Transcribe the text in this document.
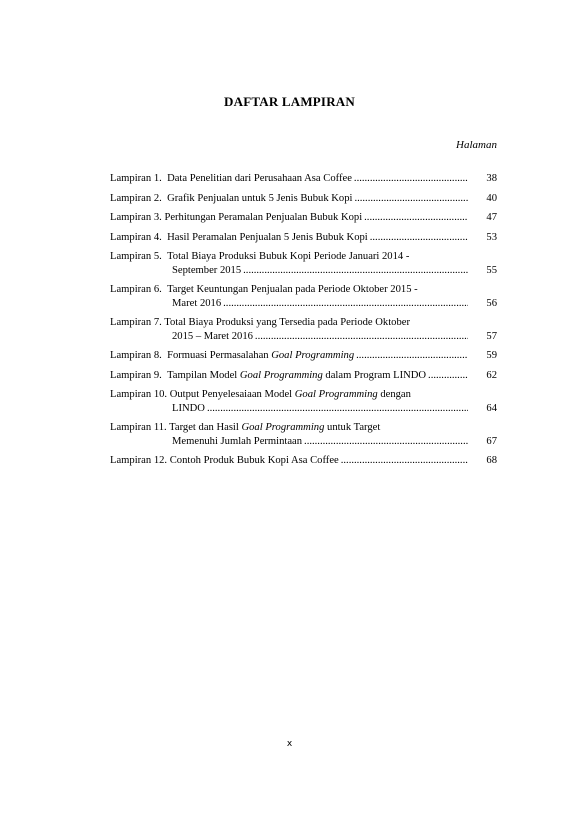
DAFTAR LAMPIRAN
Halaman
Lampiran 1. Data Penelitian dari Perusahaan Asa Coffee .....	38
Lampiran 2. Grafik Penjualan untuk 5 Jenis Bubuk Kopi .....	40
Lampiran 3. Perhitungan Peramalan Penjualan Bubuk Kopi .....	47
Lampiran 4. Hasil Peramalan Penjualan 5 Jenis Bubuk Kopi .....	53
Lampiran 5. Total Biaya Produksi Bubuk Kopi Periode Januari 2014 -
September 2015 .....	55
Lampiran 6. Target Keuntungan Penjualan pada Periode Oktober 2015 -
Maret 2016 .....	56
Lampiran 7. Total Biaya Produksi yang Tersedia pada Periode Oktober
2015 – Maret 2016 .....	57
Lampiran 8. Formuasi Permasalahan Goal Programming .....	59
Lampiran 9. Tampilan Model Goal Programming dalam Program LINDO .....	62
Lampiran 10. Output Penyelesaiaan Model Goal Programming dengan
LINDO .....	64
Lampiran 11. Target dan Hasil Goal Programming untuk Target
Memenuhi Jumlah Permintaan .....	67
Lampiran 12. Contoh Produk Bubuk Kopi Asa Coffee .....	68
x
